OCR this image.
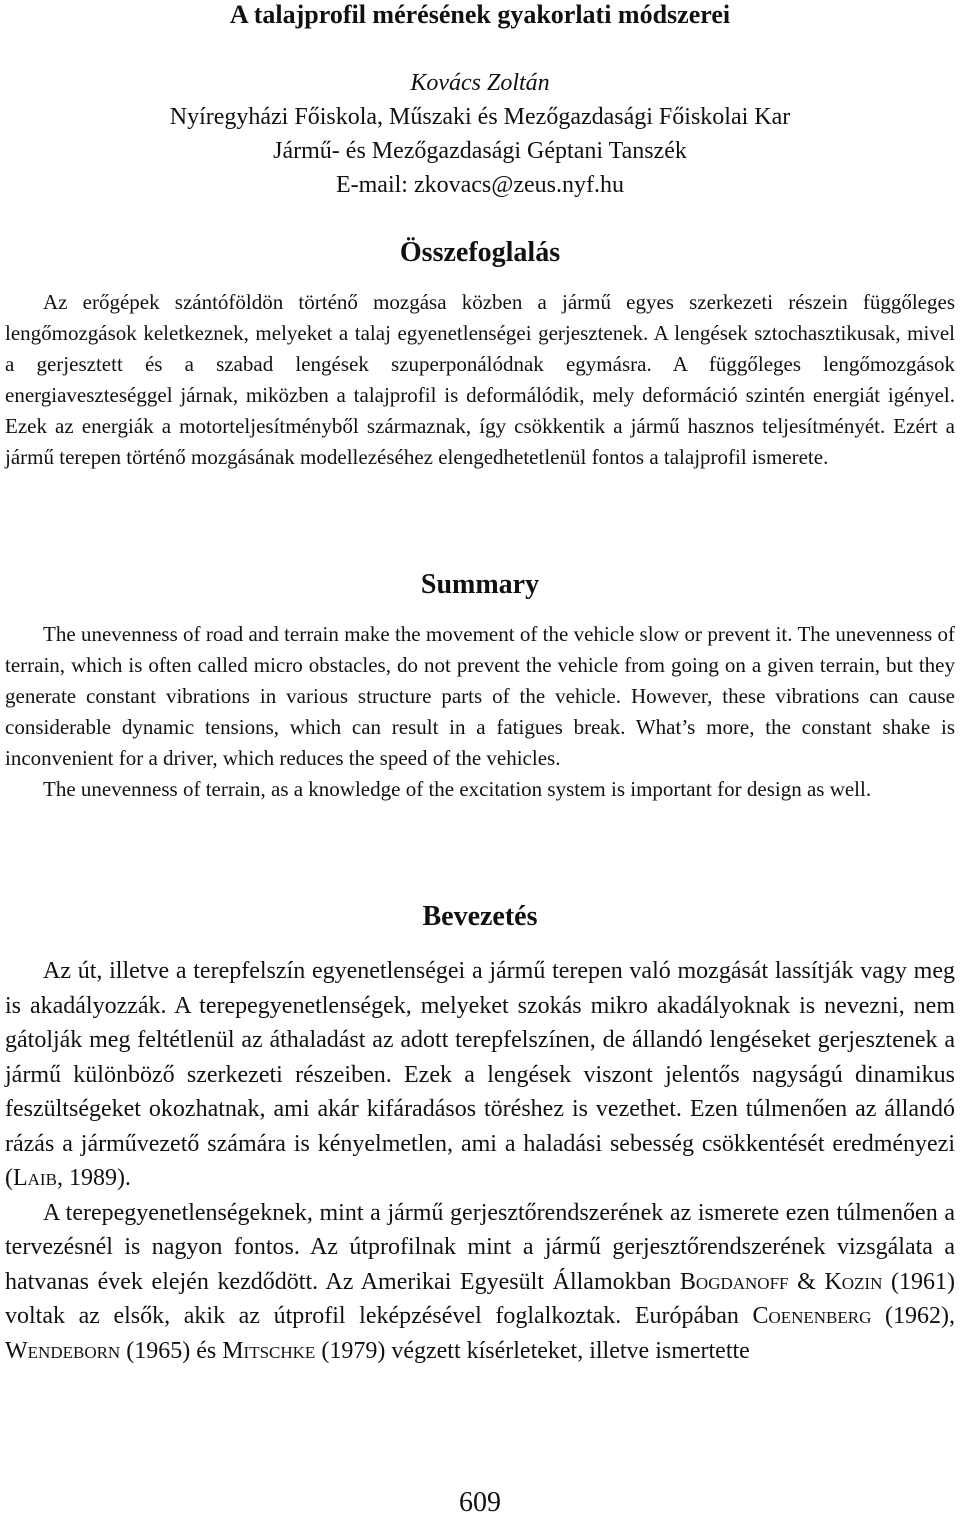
A talajprofil mérésének gyakorlati módszerei
Kovács Zoltán
Nyíregyházi Főiskola, Műszaki és Mezőgazdasági Főiskolai Kar
Jármű- és Mezőgazdasági Géptani Tanszék
E-mail: zkovacs@zeus.nyf.hu
Összefoglalás

Az erőgépek szántóföldön történő mozgása közben a jármű egyes szerkezeti részein függőleges lengőmozgások keletkeznek, melyeket a talaj egyenetlenségei gerjesztenek. A lengések sztochasztikusak, mivel a gerjesztett és a szabad lengések szuperponálódnak egymásra. A függőleges lengőmozgások energiaveszteséggel járnak, miközben a talajprofil is deformálódik, mely deformáció szintén energiát igényel. Ezek az energiák a motorteljesítményből származnak, így csökkentik a jármű hasznos teljesítményét. Ezért a jármű terepen történő mozgásának modellezéséhez elengedhetetlenül fontos a talajprofil ismerete.

Summary

The unevenness of road and terrain make the movement of the vehicle slow or prevent it. The unevenness of terrain, which is often called micro obstacles, do not prevent the vehicle from going on a given terrain, but they generate constant vibrations in various structure parts of the vehicle. However, these vibrations can cause considerable dynamic tensions, which can result in a fatigues break. What’s more, the constant shake is inconvenient for a driver, which reduces the speed of the vehicles.

The unevenness of terrain, as a knowledge of the excitation system is important for design as well.

Bevezetés

Az út, illetve a terepfelszín egyenetlenségei a jármű terepen való mozgását lassítják vagy meg is akadályozzák. A terepegyenetlenségek, melyeket szokás mikro akadályoknak is nevezni, nem gátolják meg feltétlenül az áthaladást az adott terepfelszínen, de állandó lengéseket gerjesztenek a jármű különböző szerkezeti részeiben. Ezek a lengések viszont jelentős nagyságú dinamikus feszültségeket okozhatnak, ami akár kifáradásos töréshez is vezethet. Ezen túlmenően az állandó rázás a járművezető számára is kényelmetlen, ami a haladási sebesség csökkentését eredményezi (Laib, 1989).

A terepegyenetlenségeknek, mint a jármű gerjesztőrendszerének az ismerete ezen túlmenően a tervezésnél is nagyon fontos. Az útprofilnak mint a jármű gerjesztőrendszerének vizsgálata a hatvanas évek elején kezdődött. Az Amerikai Egyesült Államokban Bogdanoff & Kozin (1961) voltak az elsők, akik az útprofil leképzésével foglalkoztak. Európában Coenenberg (1962), Wendeborn (1965) és Mitschke (1979) végzett kísérleteket, illetve ismertette

609
